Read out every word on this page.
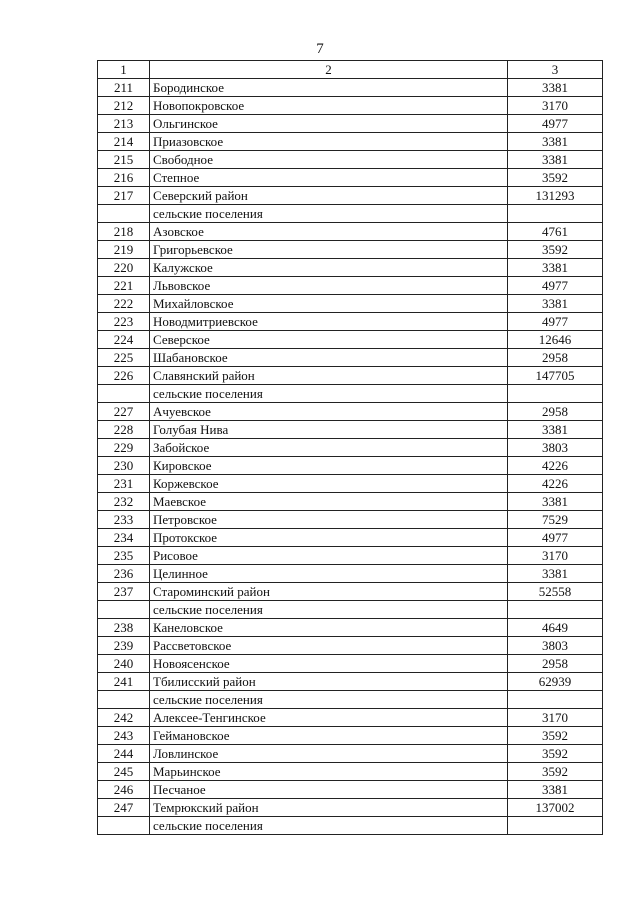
7
1	2	3
211	Бородинское	3381
212	Новопокровское	3170
213	Ольгинское	4977
214	Приазовское	3381
215	Свободное	3381
216	Степное	3592
217	Северский район	131293
	сельские поселения	
218	Азовское	4761
219	Григорьевское	3592
220	Калужское	3381
221	Львовское	4977
222	Михайловское	3381
223	Новодмитриевское	4977
224	Северское	12646
225	Шабановское	2958
226	Славянский район	147705
	сельские поселения	
227	Ачуевское	2958
228	Голубая Нива	3381
229	Забойское	3803
230	Кировское	4226
231	Коржевское	4226
232	Маевское	3381
233	Петровское	7529
234	Протокское	4977
235	Рисовое	3170
236	Целинное	3381
237	Староминский район	52558
	сельские поселения	
238	Канеловское	4649
239	Рассветовское	3803
240	Новоясенское	2958
241	Тбилисский район	62939
	сельские поселения	
242	Алексее-Тенгинское	3170
243	Геймановское	3592
244	Ловлинское	3592
245	Марьинское	3592
246	Песчаное	3381
247	Темрюкский район	137002
	сельские поселения	
